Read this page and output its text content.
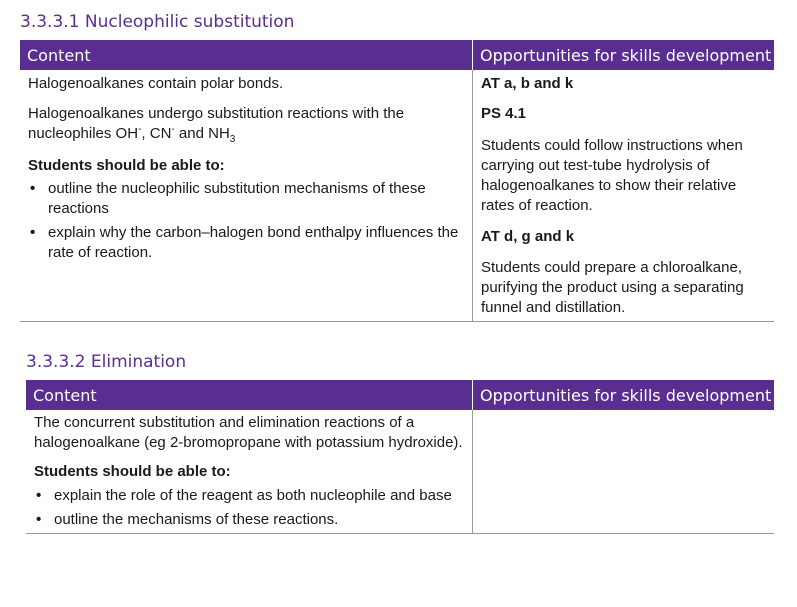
3.3.3.1 Nucleophilic substitution
Content	Opportunities for skills development

Halogenoalkanes contain polar bonds.

Halogenoalkanes undergo substitution reactions with the nucleophiles OH-, CN- and $NH_3$

Students should be able to:

• outline the nucleophilic substitution mechanisms of these reactions
• explain why the carbon–halogen bond enthalpy influences the rate of reaction.

AT a, b and k

PS 4.1

Students could follow instructions when carrying out test-tube hydrolysis of halogenoalkanes to show their relative rates of reaction.

AT d, g and k

Students could prepare a chloroalkane, purifying the product using a separating funnel and distillation.

3.3.3.2 Elimination
Content	Opportunities for skills development

The concurrent substitution and elimination reactions of a halogenoalkane (eg 2-bromopropane with potassium hydroxide).

Students should be able to:

• explain the role of the reagent as both nucleophile and base
• outline the mechanisms of these reactions.
